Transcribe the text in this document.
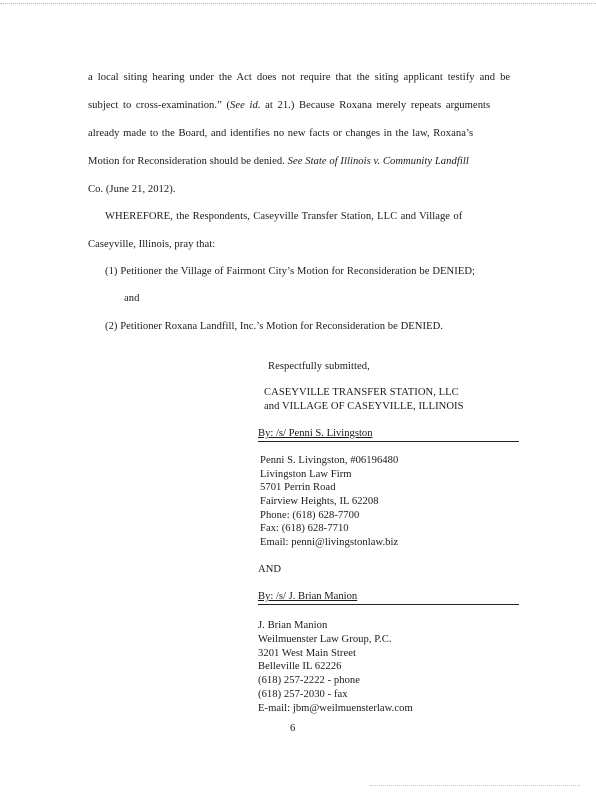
a local siting hearing under the Act does not require that the siting applicant testify and be
subject to cross-examination.” (See id. at 21.) Because Roxana merely repeats arguments
already made to the Board, and identifies no new facts or changes in the law, Roxana’s
Motion for Reconsideration should be denied. See State of Illinois v. Community Landfill
Co. (June 21, 2012).
WHEREFORE, the Respondents, Caseyville Transfer Station, LLC and Village of
Caseyville, Illinois, pray that:
(1) Petitioner the Village of Fairmont City’s Motion for Reconsideration be DENIED;
and
(2) Petitioner Roxana Landfill, Inc.’s Motion for Reconsideration be DENIED.
Respectfully submitted,
CASEYVILLE TRANSFER STATION, LLC
and VILLAGE OF CASEYVILLE, ILLINOIS
By: /s/ Penni S. Livingston
Penni S. Livingston, #06196480
Livingston Law Firm
5701 Perrin Road
Fairview Heights, IL 62208
Phone: (618) 628-7700
Fax: (618) 628-7710
Email: penni@livingstonlaw.biz
AND
By: /s/ J. Brian Manion
J. Brian Manion
Weilmuenster Law Group, P.C.
3201 West Main Street
Belleville IL 62226
(618) 257-2222 - phone
(618) 257-2030 - fax
E-mail: jbm@weilmuensterlaw.com
6
